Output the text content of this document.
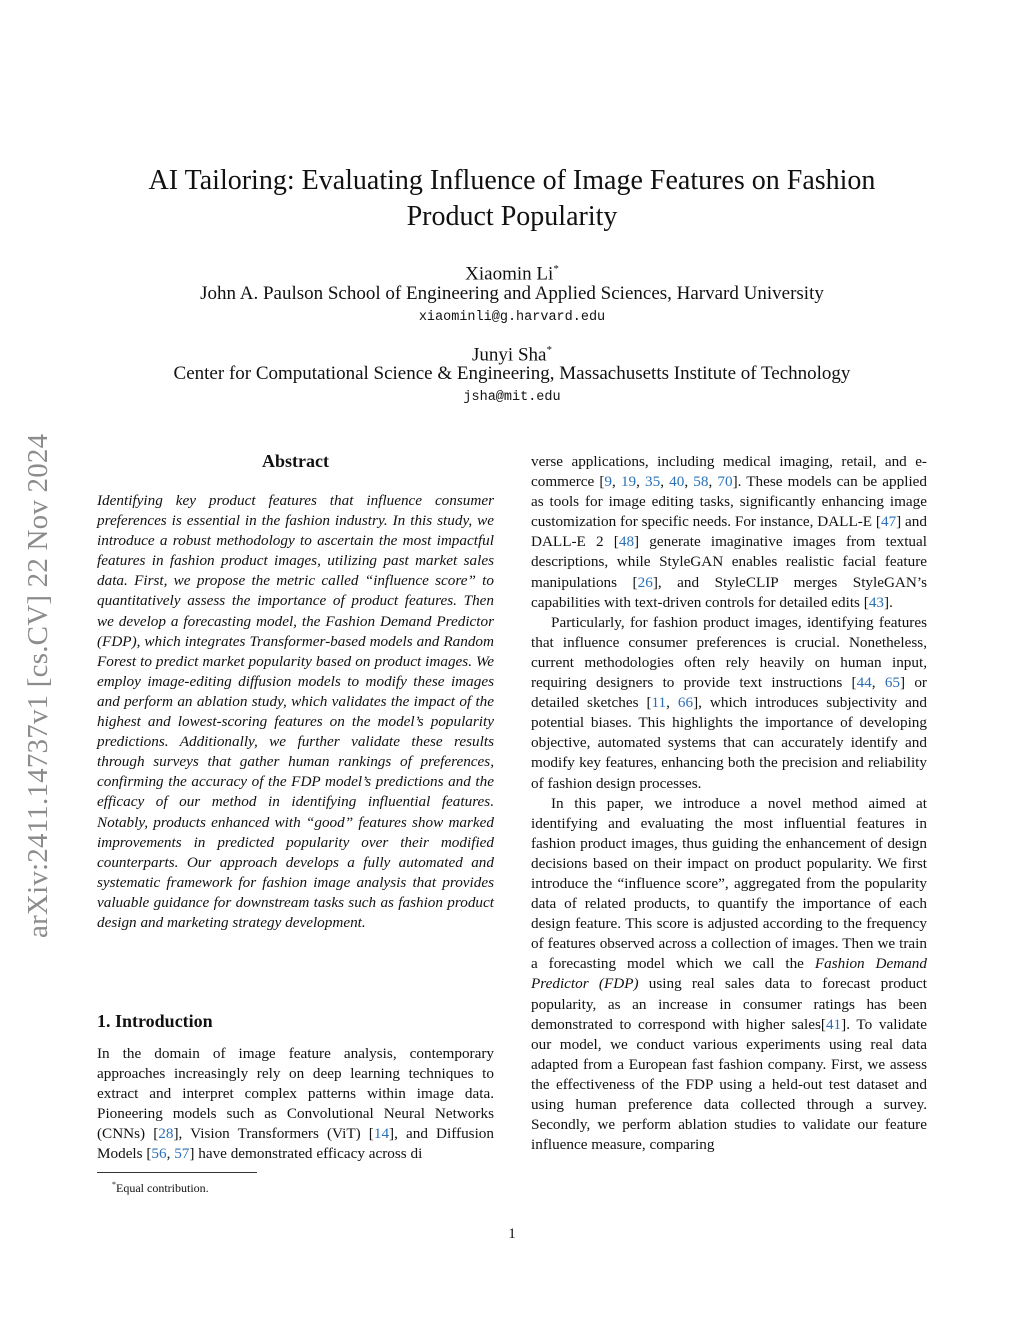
arXiv:2411.14737v1 [cs.CV] 22 Nov 2024
AI Tailoring: Evaluating Influence of Image Features on Fashion
Product Popularity
Xiaomin Li*
John A. Paulson School of Engineering and Applied Sciences, Harvard University
xiaominli@g.harvard.edu
Junyi Sha*
Center for Computational Science & Engineering, Massachusetts Institute of Technology
jsha@mit.edu
Abstract

Identifying key product features that influence consumer preferences is essential in the fashion industry. In this study, we introduce a robust methodology to ascertain the most impactful features in fashion product images, utilizing past market sales data. First, we propose the metric called “influence score” to quantitatively assess the importance of product features. Then we develop a forecasting model, the Fashion Demand Predictor (FDP), which integrates Transformer-based models and Random Forest to predict market popularity based on product images. We employ image-editing diffusion models to modify these images and perform an ablation study, which validates the impact of the highest and lowest-scoring features on the model’s popularity predictions. Additionally, we further validate these results through surveys that gather human rankings of preferences, confirming the accuracy of the FDP model’s predictions and the efficacy of our method in identifying influential features. Notably, products enhanced with “good” features show marked improvements in predicted popularity over their modified counterparts. Our approach develops a fully automated and systematic framework for fashion image analysis that provides valuable guidance for downstream tasks such as fashion product design and marketing strategy development.

1. Introduction

In the domain of image feature analysis, contemporary approaches increasingly rely on deep learning techniques to extract and interpret complex patterns within image data. Pioneering models such as Convolutional Neural Networks (CNNs) [28], Vision Transformers (ViT) [14], and Diffusion Models [56, 57] have demonstrated efficacy across di

*Equal contribution.

verse applications, including medical imaging, retail, and e-commerce [9, 19, 35, 40, 58, 70]. These models can be applied as tools for image editing tasks, significantly enhancing image customization for specific needs. For instance, DALL-E [47] and DALL-E 2 [48] generate imaginative images from textual descriptions, while StyleGAN enables realistic facial feature manipulations [26], and StyleCLIP merges StyleGAN’s capabilities with text-driven controls for detailed edits [43].

Particularly, for fashion product images, identifying features that influence consumer preferences is crucial. Nonetheless, current methodologies often rely heavily on human input, requiring designers to provide text instructions [44, 65] or detailed sketches [11, 66], which introduces subjectivity and potential biases. This highlights the importance of developing objective, automated systems that can accurately identify and modify key features, enhancing both the precision and reliability of fashion design processes.

In this paper, we introduce a novel method aimed at identifying and evaluating the most influential features in fashion product images, thus guiding the enhancement of design decisions based on their impact on product popularity. We first introduce the “influence score”, aggregated from the popularity data of related products, to quantify the importance of each design feature. This score is adjusted according to the frequency of features observed across a collection of images. Then we train a forecasting model which we call the Fashion Demand Predictor (FDP) using real sales data to forecast product popularity, as an increase in consumer ratings has been demonstrated to correspond with higher sales[41]. To validate our model, we conduct various experiments using real data adapted from a European fast fashion company. First, we assess the effectiveness of the FDP using a held-out test dataset and using human preference data collected through a survey. Secondly, we perform ablation studies to validate our feature influence measure, comparing

1
